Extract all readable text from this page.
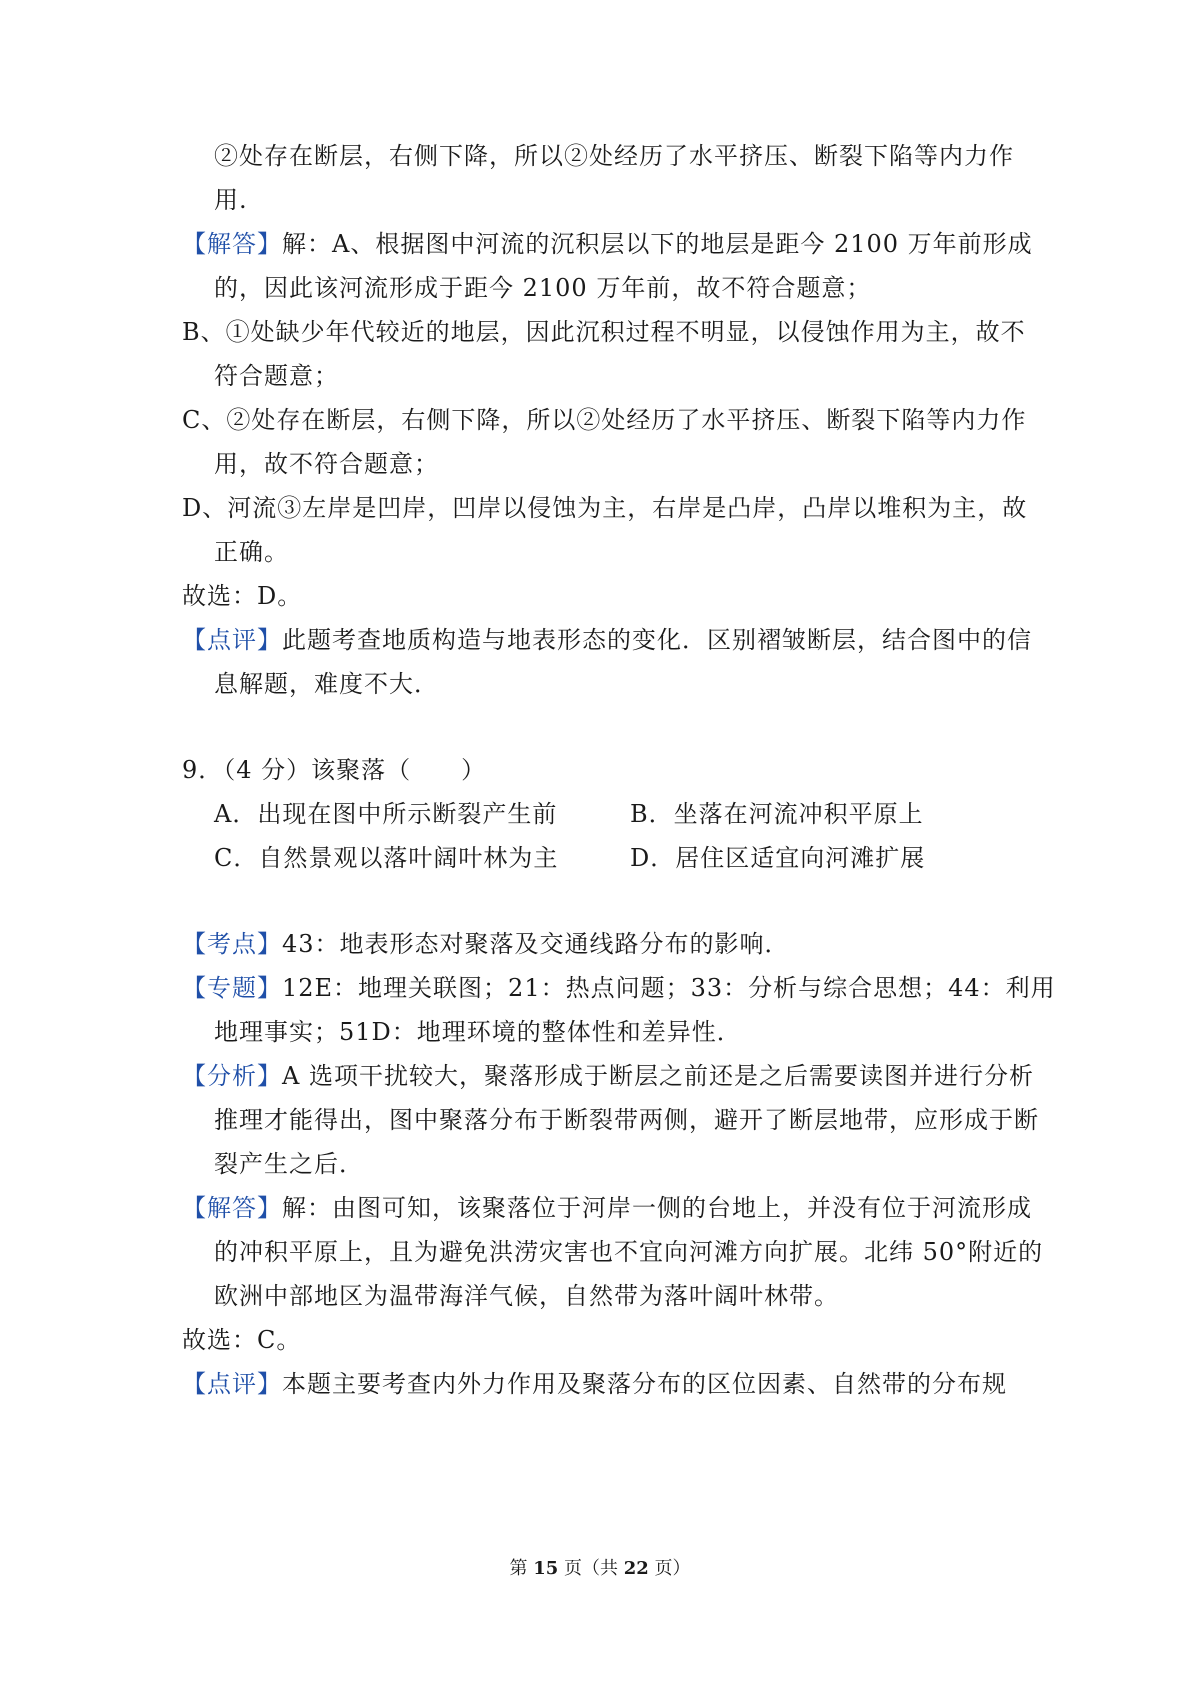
②处存在断层，右侧下降，所以②处经历了水平挤压、断裂下陷等内力作
用.
【解答】解：A、根据图中河流的沉积层以下的地层是距今 2100 万年前形成
的，因此该河流形成于距今 2100 万年前，故不符合题意；
B、①处缺少年代较近的地层，因此沉积过程不明显，以侵蚀作用为主，故不
符合题意；
C、②处存在断层，右侧下降，所以②处经历了水平挤压、断裂下陷等内力作
用，故不符合题意；
D、河流③左岸是凹岸，凹岸以侵蚀为主，右岸是凸岸，凸岸以堆积为主，故
正确。
故选：D。
【点评】此题考查地质构造与地表形态的变化．区别褶皱断层，结合图中的信
息解题，难度不大．
9．（4 分）该聚落（　　）
A．出现在图中所示断裂产生前	B．坐落在河流冲积平原上
C．自然景观以落叶阔叶林为主	D．居住区适宜向河滩扩展
【考点】43：地表形态对聚落及交通线路分布的影响．
【专题】12E：地理关联图；21：热点问题；33：分析与综合思想；44：利用
地理事实；51D：地理环境的整体性和差异性．
【分析】A 选项干扰较大，聚落形成于断层之前还是之后需要读图并进行分析
推理才能得出，图中聚落分布于断裂带两侧，避开了断层地带，应形成于断
裂产生之后．
【解答】解：由图可知，该聚落位于河岸一侧的台地上，并没有位于河流形成
的冲积平原上，且为避免洪涝灾害也不宜向河滩方向扩展。北纬 50°附近的
欧洲中部地区为温带海洋气候，自然带为落叶阔叶林带。
故选：C。
【点评】本题主要考查内外力作用及聚落分布的区位因素、自然带的分布规
第 15 页（共 22 页）
